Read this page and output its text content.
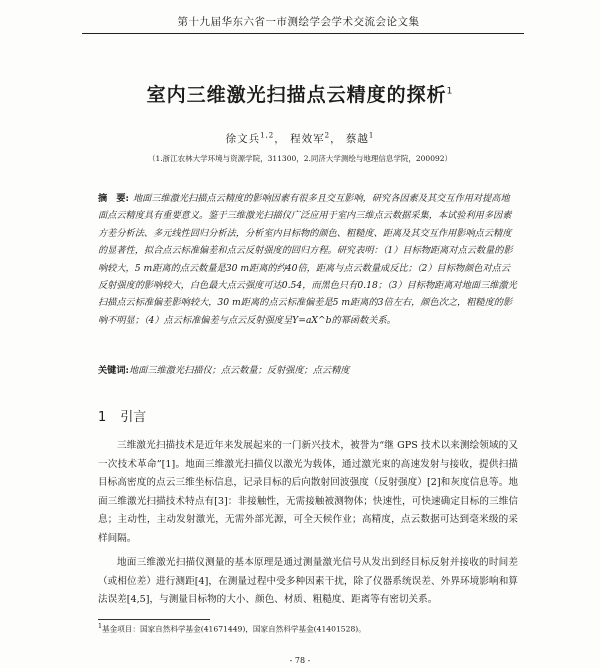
第十九届华东六省一市测绘学会学术交流会论文集
室内三维激光扫描点云精度的探析$^1$
徐文兵$^{1,2}$， 程效军$^2$， 蔡越$^1$
（1.浙江农林大学环境与资源学院，311300，2.同济大学测绘与地理信息学院，200092）
摘　要: 地面三维激光扫描点云精度的影响因素有很多且交互影响，研究各因素及其交互作用对提高地面点云精度具有重要意义。鉴于三维激光扫描仪广泛应用于室内三维点云数据采集，本试验利用多因素方差分析法、多元线性回归分析法，分析室内目标物的颜色、粗糙度、距离及其交互作用影响点云精度的显著性，拟合点云标准偏差和点云反射强度的回归方程。研究表明：（1）目标物距离对点云数量的影响较大，5 m距离的点云数量是30 m距离的约40倍，距离与点云数量成反比；（2）目标物颜色对点云反射强度的影响较大，白色最大点云强度可达0.54，而黑色只有0.18；（3）目标物距离对地面三维激光扫描点云标准偏差影响较大，30 m距离的点云标准偏差是5 m距离的3倍左右，颜色次之，粗糙度的影响不明显；（4）点云标准偏差与点云反射强度呈Y=aX^b的幂函数关系。
关键词:地面三维激光扫描仪；点云数量；反射强度；点云精度
1 引言

三维激光扫描技术是近年来发展起来的一门新兴技术，被誉为“继 GPS 技术以来测绘领域的又一次技术革命”[1]。地面三维激光扫描仪以激光为载体，通过激光束的高速发射与接收，提供扫描目标高密度的点云三维坐标信息，记录目标的后向散射回波强度（反射强度）[2]和灰度信息等。地面三维激光扫描技术特点有[3]：非接触性，无需接触被测物体；快速性，可快速确定目标的三维信息；主动性，主动发射激光，无需外部光源，可全天候作业；高精度，点云数据可达到毫米级的采样间隔。

地面三维激光扫描仪测量的基本原理是通过测量激光信号从发出到经目标反射并接收的时间差（或相位差）进行测距[4]，在测量过程中受多种因素干扰，除了仪器系统误差、外界环境影响和算法误差[4,5]，与测量目标物的大小、颜色、材质、粗糙度、距离等有密切关系。

$^1$基金项目：国家自然科学基金(41671449)，国家自然科学基金(41401528)。
- 78 -
